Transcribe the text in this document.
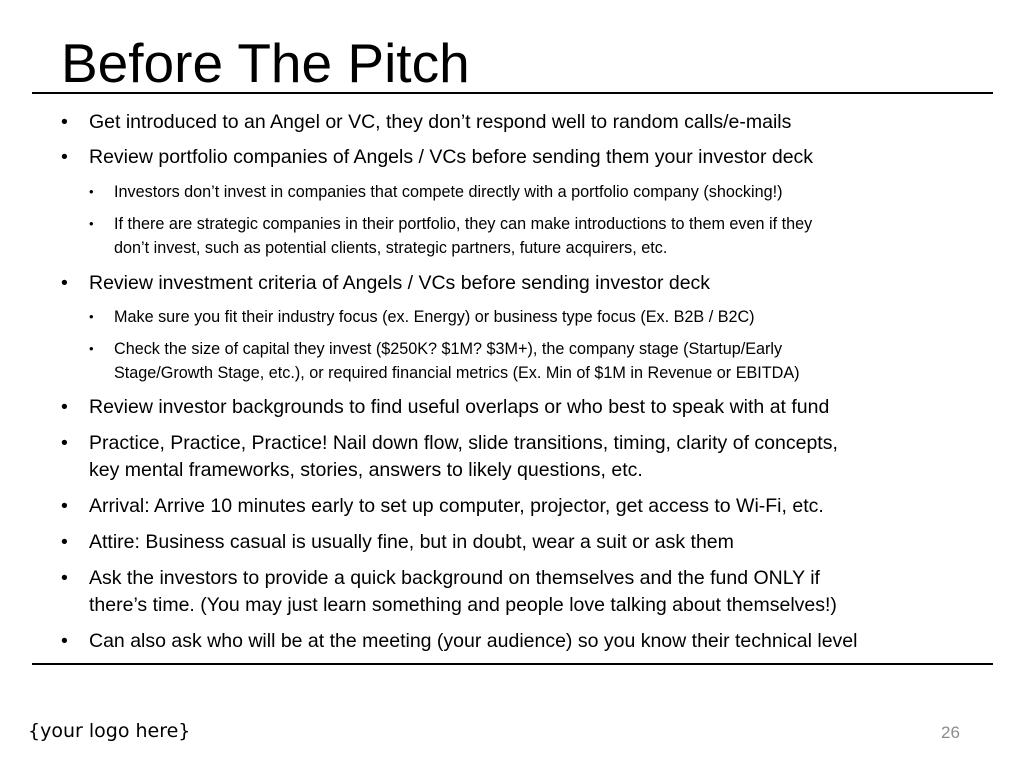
Before The Pitch
• Get introduced to an Angel or VC, they don’t respond well to random calls/e-mails
• Review portfolio companies of Angels / VCs before sending them your investor deck
• Investors don’t invest in companies that compete directly with a portfolio company (shocking!)
• If there are strategic companies in their portfolio, they can make introductions to them even if they
don’t invest, such as potential clients, strategic partners, future acquirers, etc.
• Review investment criteria of Angels / VCs before sending investor deck
• Make sure you fit their industry focus (ex. Energy) or business type focus (Ex. B2B / B2C)
• Check the size of capital they invest ($250K? $1M? $3M+), the company stage (Startup/Early
Stage/Growth Stage, etc.), or required financial metrics (Ex. Min of $1M in Revenue or EBITDA)
• Review investor backgrounds to find useful overlaps or who best to speak with at fund
• Practice, Practice, Practice! Nail down flow, slide transitions, timing, clarity of concepts,
key mental frameworks, stories, answers to likely questions, etc.
• Arrival: Arrive 10 minutes early to set up computer, projector, get access to Wi-Fi, etc.
• Attire: Business casual is usually fine, but in doubt, wear a suit or ask them
• Ask the investors to provide a quick background on themselves and the fund ONLY if
there’s time. (You may just learn something and people love talking about themselves!)
• Can also ask who will be at the meeting (your audience) so you know their technical level
{your logo here}	26
